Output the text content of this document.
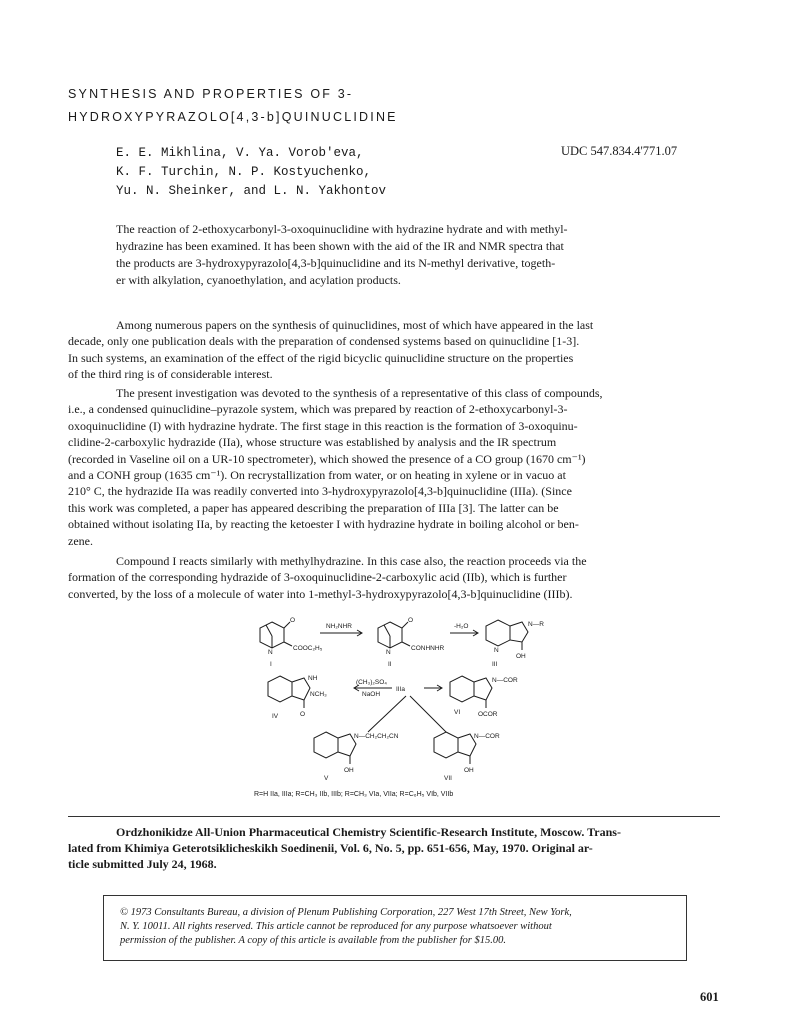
SYNTHESIS AND PROPERTIES OF 3-
HYDROXYPYRAZOLO[4,3-b]QUINUCLIDINE
E. E. Mikhlina, V. Ya. Vorob'eva,
K. F. Turchin, N. P. Kostyuchenko,
Yu. N. Sheinker, and L. N. Yakhontov
UDC 547.834.4'771.07
The reaction of 2-ethoxycarbonyl-3-oxoquinuclidine with hydrazine hydrate and with methyl-
hydrazine has been examined. It has been shown with the aid of the IR and NMR spectra that
the products are 3-hydroxypyrazolo[4,3-b]quinuclidine and its N-methyl derivative, togeth-
er with alkylation, cyanoethylation, and acylation products.
Among numerous papers on the synthesis of quinuclidines, most of which have appeared in the last
decade, only one publication deals with the preparation of condensed systems based on quinuclidine [1-3].
In such systems, an examination of the effect of the rigid bicyclic quinuclidine structure on the properties
of the third ring is of considerable interest.
The present investigation was devoted to the synthesis of a representative of this class of compounds,
i.e., a condensed quinuclidine–pyrazole system, which was prepared by reaction of 2-ethoxycarbonyl-3-
oxoquinuclidine (I) with hydrazine hydrate. The first stage in this reaction is the formation of 3-oxoquinu-
clidine-2-carboxylic hydrazide (IIa), whose structure was established by analysis and the IR spectrum
(recorded in Vaseline oil on a UR-10 spectrometer), which showed the presence of a CO group (1670 cm⁻¹)
and a CONH group (1635 cm⁻¹). On recrystallization from water, or on heating in xylene or in vacuo at
210° C, the hydrazide IIa was readily converted into 3-hydroxypyrazolo[4,3-b]quinuclidine (IIIa). (Since
this work was completed, a paper has appeared describing the preparation of IIIa [3]. The latter can be
obtained without isolating IIa, by reacting the ketoester I with hydrazine hydrate in boiling alcohol or ben-
zene.
Compound I reacts similarly with methylhydrazine. In this case also, the reaction proceeds via the
formation of the corresponding hydrazide of 3-oxoquinuclidine-2-carboxylic acid (IIb), which is further
converted, by the loss of a molecule of water into 1-methyl-3-hydroxypyrazolo[4,3-b]quinuclidine (IIIb).
O
COOC₂H₅
N
I
NH₂NHR
O
CONHNHR
N
II
-H₂O	N—R
N
OH
III
NH
NCH₃
O
IV
(CH₃)₂SO₄
NaOH
IIIa
N—COR
OCOR
VI
N—CH₂CH₂CN
OH
V
N—COR
OH
VII
R=H IIa, IIIa; R=CH₃ IIb, IIIb; R=CH₃ VIa, VIIa; R=C₆H₅ VIb, VIIb
Ordzhonikidze All-Union Pharmaceutical Chemistry Scientific-Research Institute, Moscow. Trans-
lated from Khimiya Geterotsiklicheskikh Soedinenii, Vol. 6, No. 5, pp. 651-656, May, 1970. Original ar-
ticle submitted July 24, 1968.
© 1973 Consultants Bureau, a division of Plenum Publishing Corporation, 227 West 17th Street, New York,
N. Y. 10011. All rights reserved. This article cannot be reproduced for any purpose whatsoever without
permission of the publisher. A copy of this article is available from the publisher for $15.00.
601
